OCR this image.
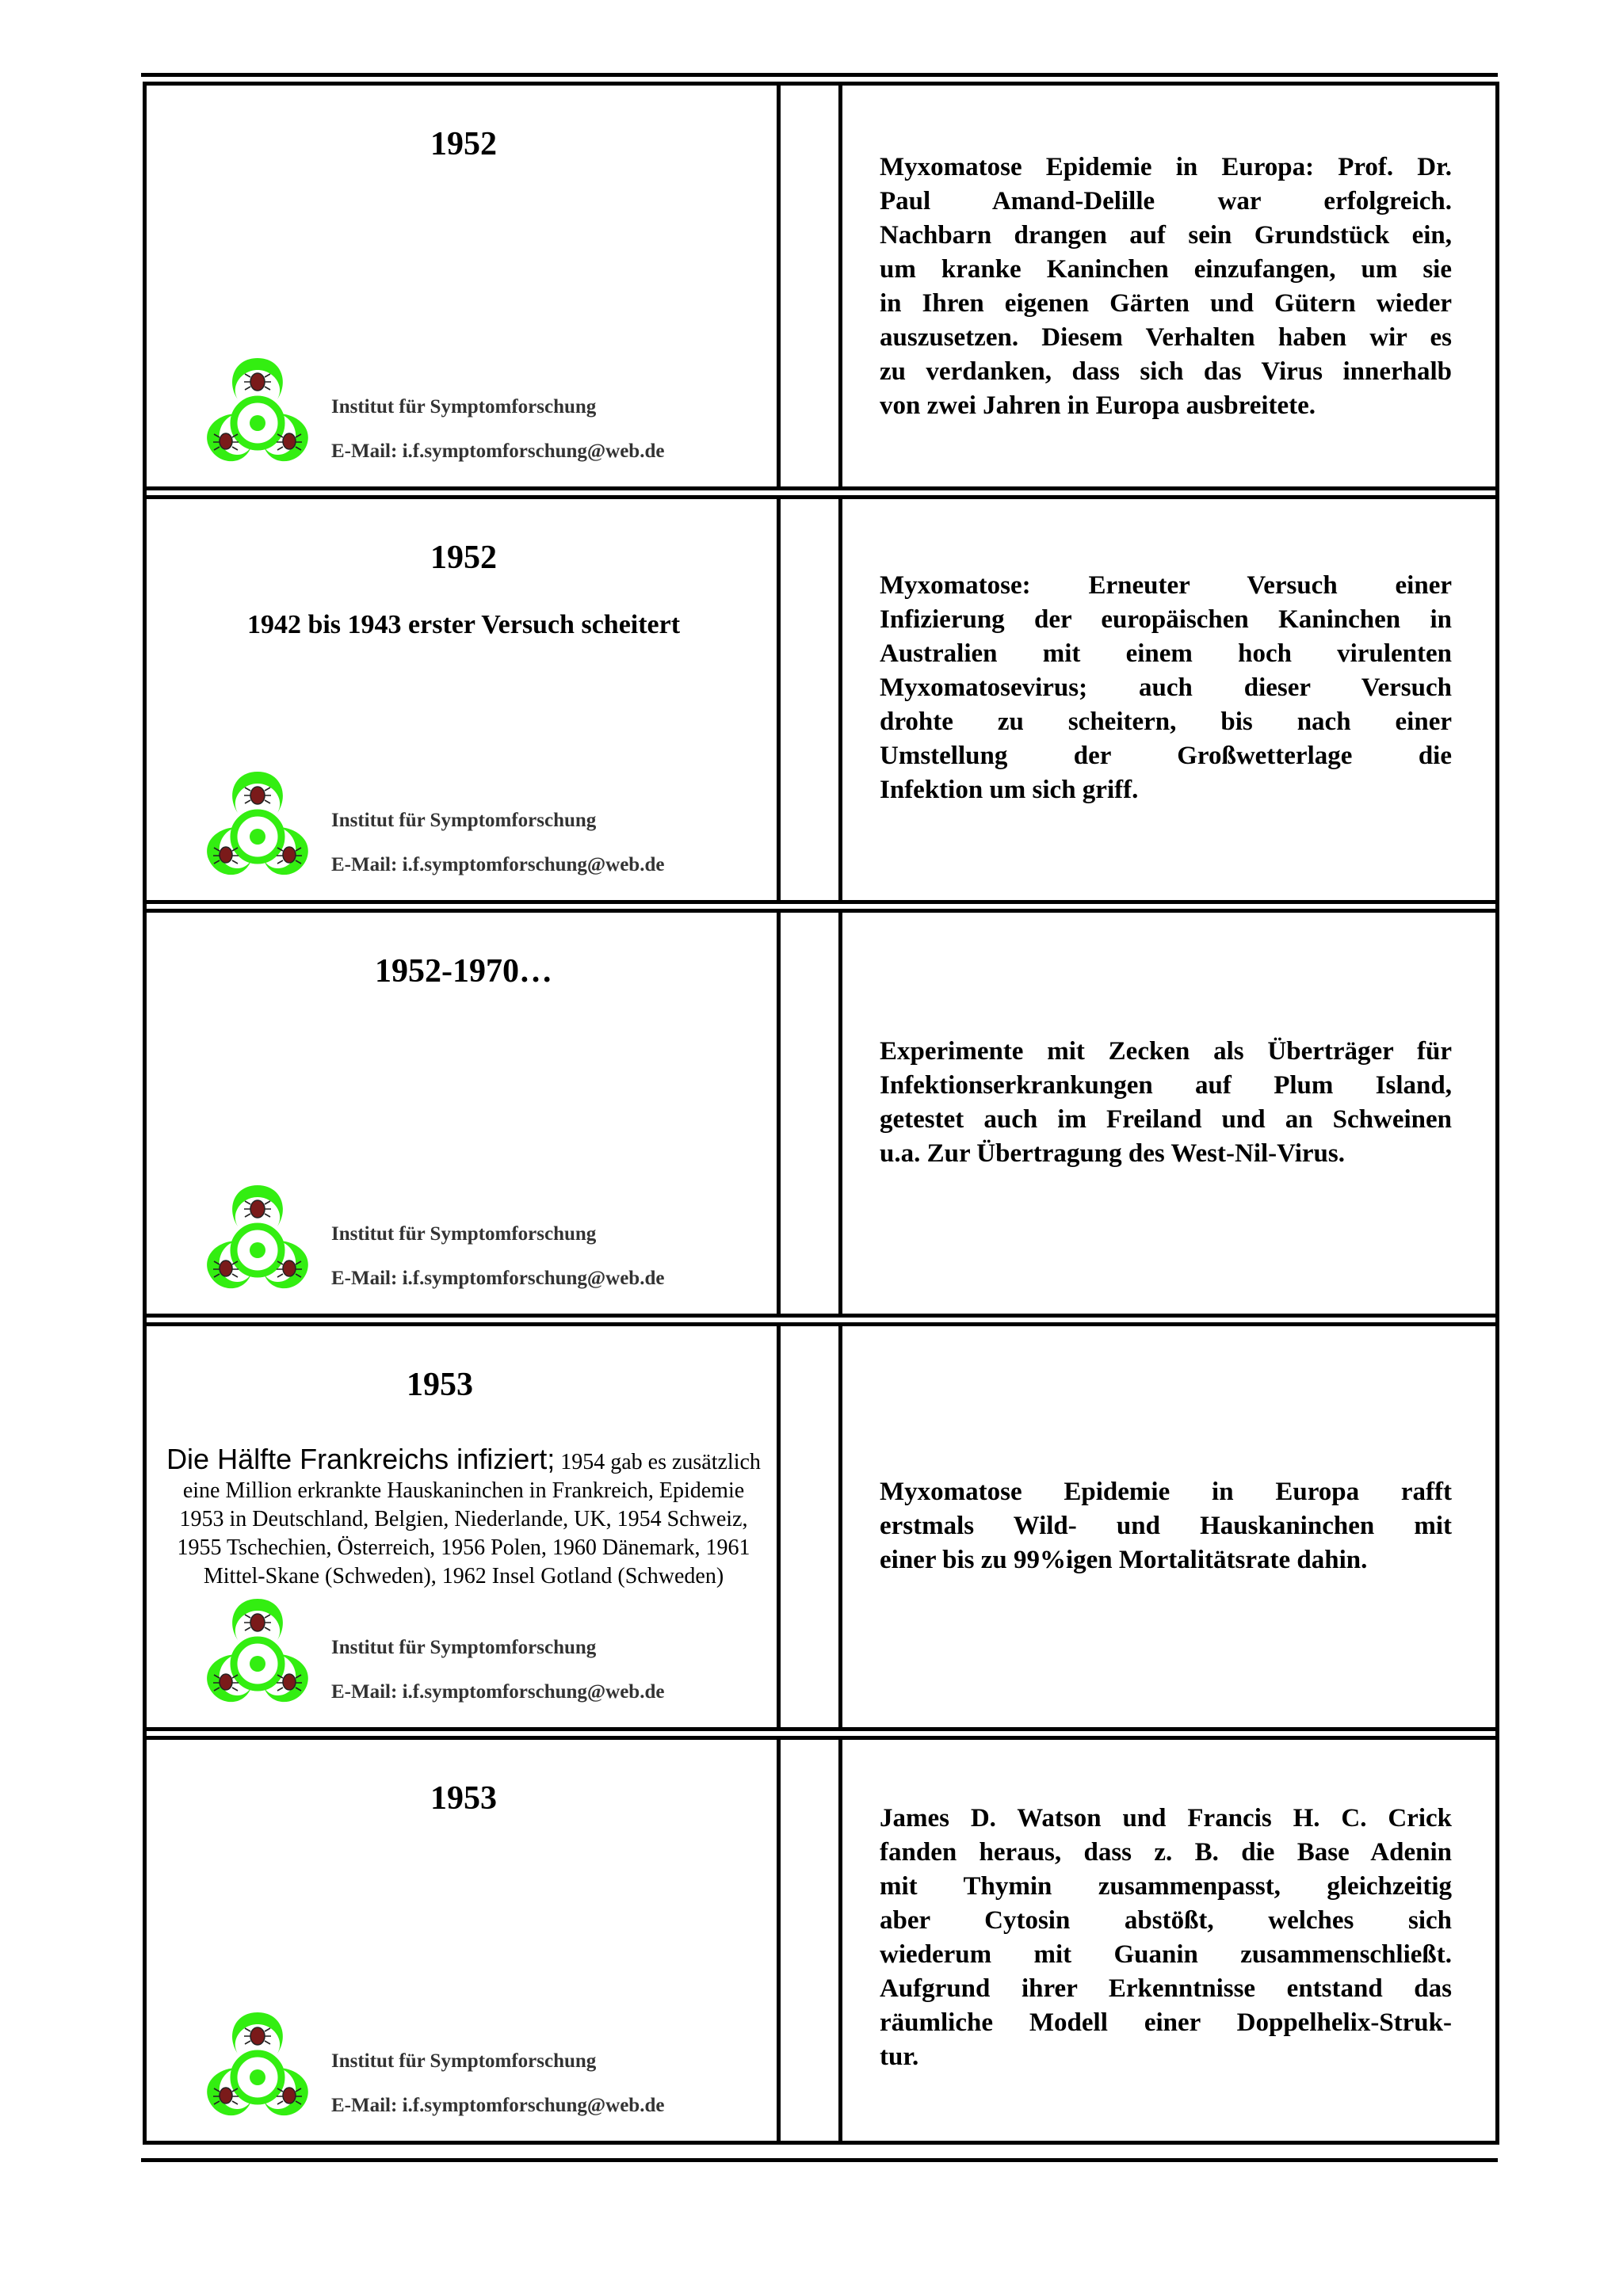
1952
Institut für Symptomforschung
E-Mail: i.f.symptomforschung@web.de
Myxomatose Epidemie in Europa: Prof. Dr.
Paul Amand-Delille war erfolgreich.
Nachbarn drangen auf sein Grundstück ein,
um kranke Kaninchen einzufangen, um sie
in Ihren eigenen Gärten und Gütern wieder
auszusetzen. Diesem Verhalten haben wir es
zu verdanken, dass sich das Virus innerhalb
von zwei Jahren in Europa ausbreitete.
1952
1942 bis 1943 erster Versuch scheitert
Institut für Symptomforschung
E-Mail: i.f.symptomforschung@web.de
Myxomatose: Erneuter Versuch einer
Infizierung der europäischen Kaninchen in
Australien mit einem hoch virulenten
Myxomatosevirus; auch dieser Versuch
drohte zu scheitern, bis nach einer
Umstellung der Großwetterlage die
Infektion um sich griff.
1952-1970…
Institut für Symptomforschung
E-Mail: i.f.symptomforschung@web.de
Experimente mit Zecken als Überträger für
Infektionserkrankungen auf Plum Island,
getestet auch im Freiland und an Schweinen
u.a. Zur Übertragung des West-Nil-Virus.
1953
Die Hälfte Frankreichs infiziert; 1954 gab es zusätzlich eine Million erkrankte Hauskaninchen in Frankreich, Epidemie 1953 in Deutschland, Belgien, Niederlande, UK, 1954 Schweiz, 1955 Tschechien, Österreich, 1956 Polen, 1960 Dänemark, 1961 Mittel-Skane (Schweden), 1962 Insel Gotland (Schweden)
Institut für Symptomforschung
E-Mail: i.f.symptomforschung@web.de
Myxomatose Epidemie in Europa rafft
erstmals Wild- und Hauskaninchen mit
einer bis zu 99%igen Mortalitätsrate dahin.
1953
Institut für Symptomforschung
E-Mail: i.f.symptomforschung@web.de
James D. Watson und Francis H. C. Crick
fanden heraus, dass z. B. die Base Adenin
mit Thymin zusammenpasst, gleichzeitig
aber Cytosin abstößt, welches sich
wiederum mit Guanin zusammenschließt.
Aufgrund ihrer Erkenntnisse entstand das
räumliche Modell einer Doppelhelix-Struk-
tur.
